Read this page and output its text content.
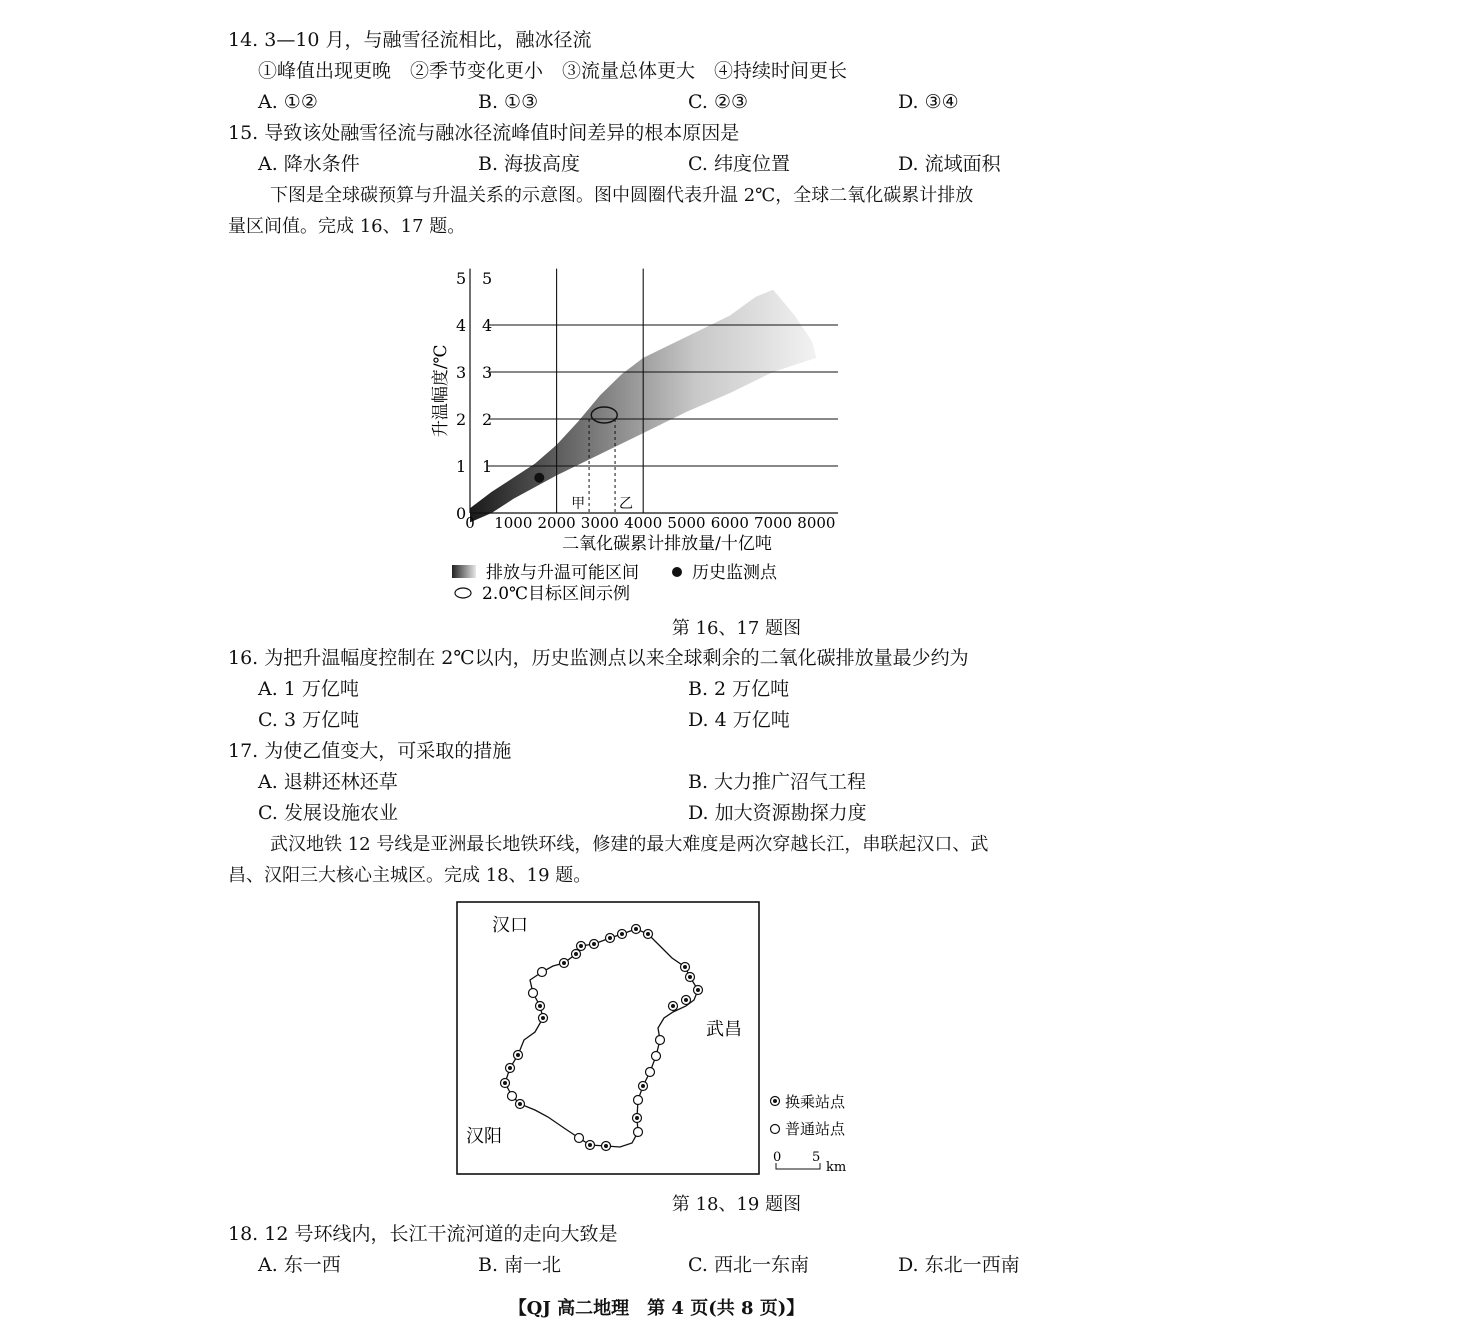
14. 3—10 月，与融雪径流相比，融冰径流
①峰值出现更晚　②季节变化更小　③流量总体更大　④持续时间更长
A. ①②	B. ①③	C. ②③	D. ③④
15. 导致该处融雪径流与融冰径流峰值时间差异的根本原因是
A. 降水条件	B. 海拔高度	C. 纬度位置	D. 流域面积
下图是全球碳预算与升温关系的示意图。图中圆圈代表升温 2℃，全球二氧化碳累计排放
量区间值。完成 16、17 题。
0
1
2
3
4
5
1
2
3
4
5
0 1000 2000 3000 4000 5000 6000 7000 8000
二氧化碳累计排放量/十亿吨
升温幅度/℃
甲 乙
排放与升温可能区间	历史监测点
2.0℃目标区间示例
第 16、17 题图
16. 为把升温幅度控制在 2℃以内，历史监测点以来全球剩余的二氧化碳排放量最少约为
A. 1 万亿吨	B. 2 万亿吨
C. 3 万亿吨	D. 4 万亿吨
17. 为使乙值变大，可采取的措施
A. 退耕还林还草	B. 大力推广沼气工程
C. 发展设施农业	D. 加大资源勘探力度
武汉地铁 12 号线是亚洲最长地铁环线，修建的最大难度是两次穿越长江，串联起汉口、武
昌、汉阳三大核心主城区。完成 18、19 题。
汉口
武昌
汉阳
换乘站点
普通站点
0 5
km
第 18、19 题图
18. 12 号环线内，长江干流河道的走向大致是
A. 东一西	B. 南一北	C. 西北一东南	D. 东北一西南
【QJ 高二地理　第 4 页(共 8 页)】
